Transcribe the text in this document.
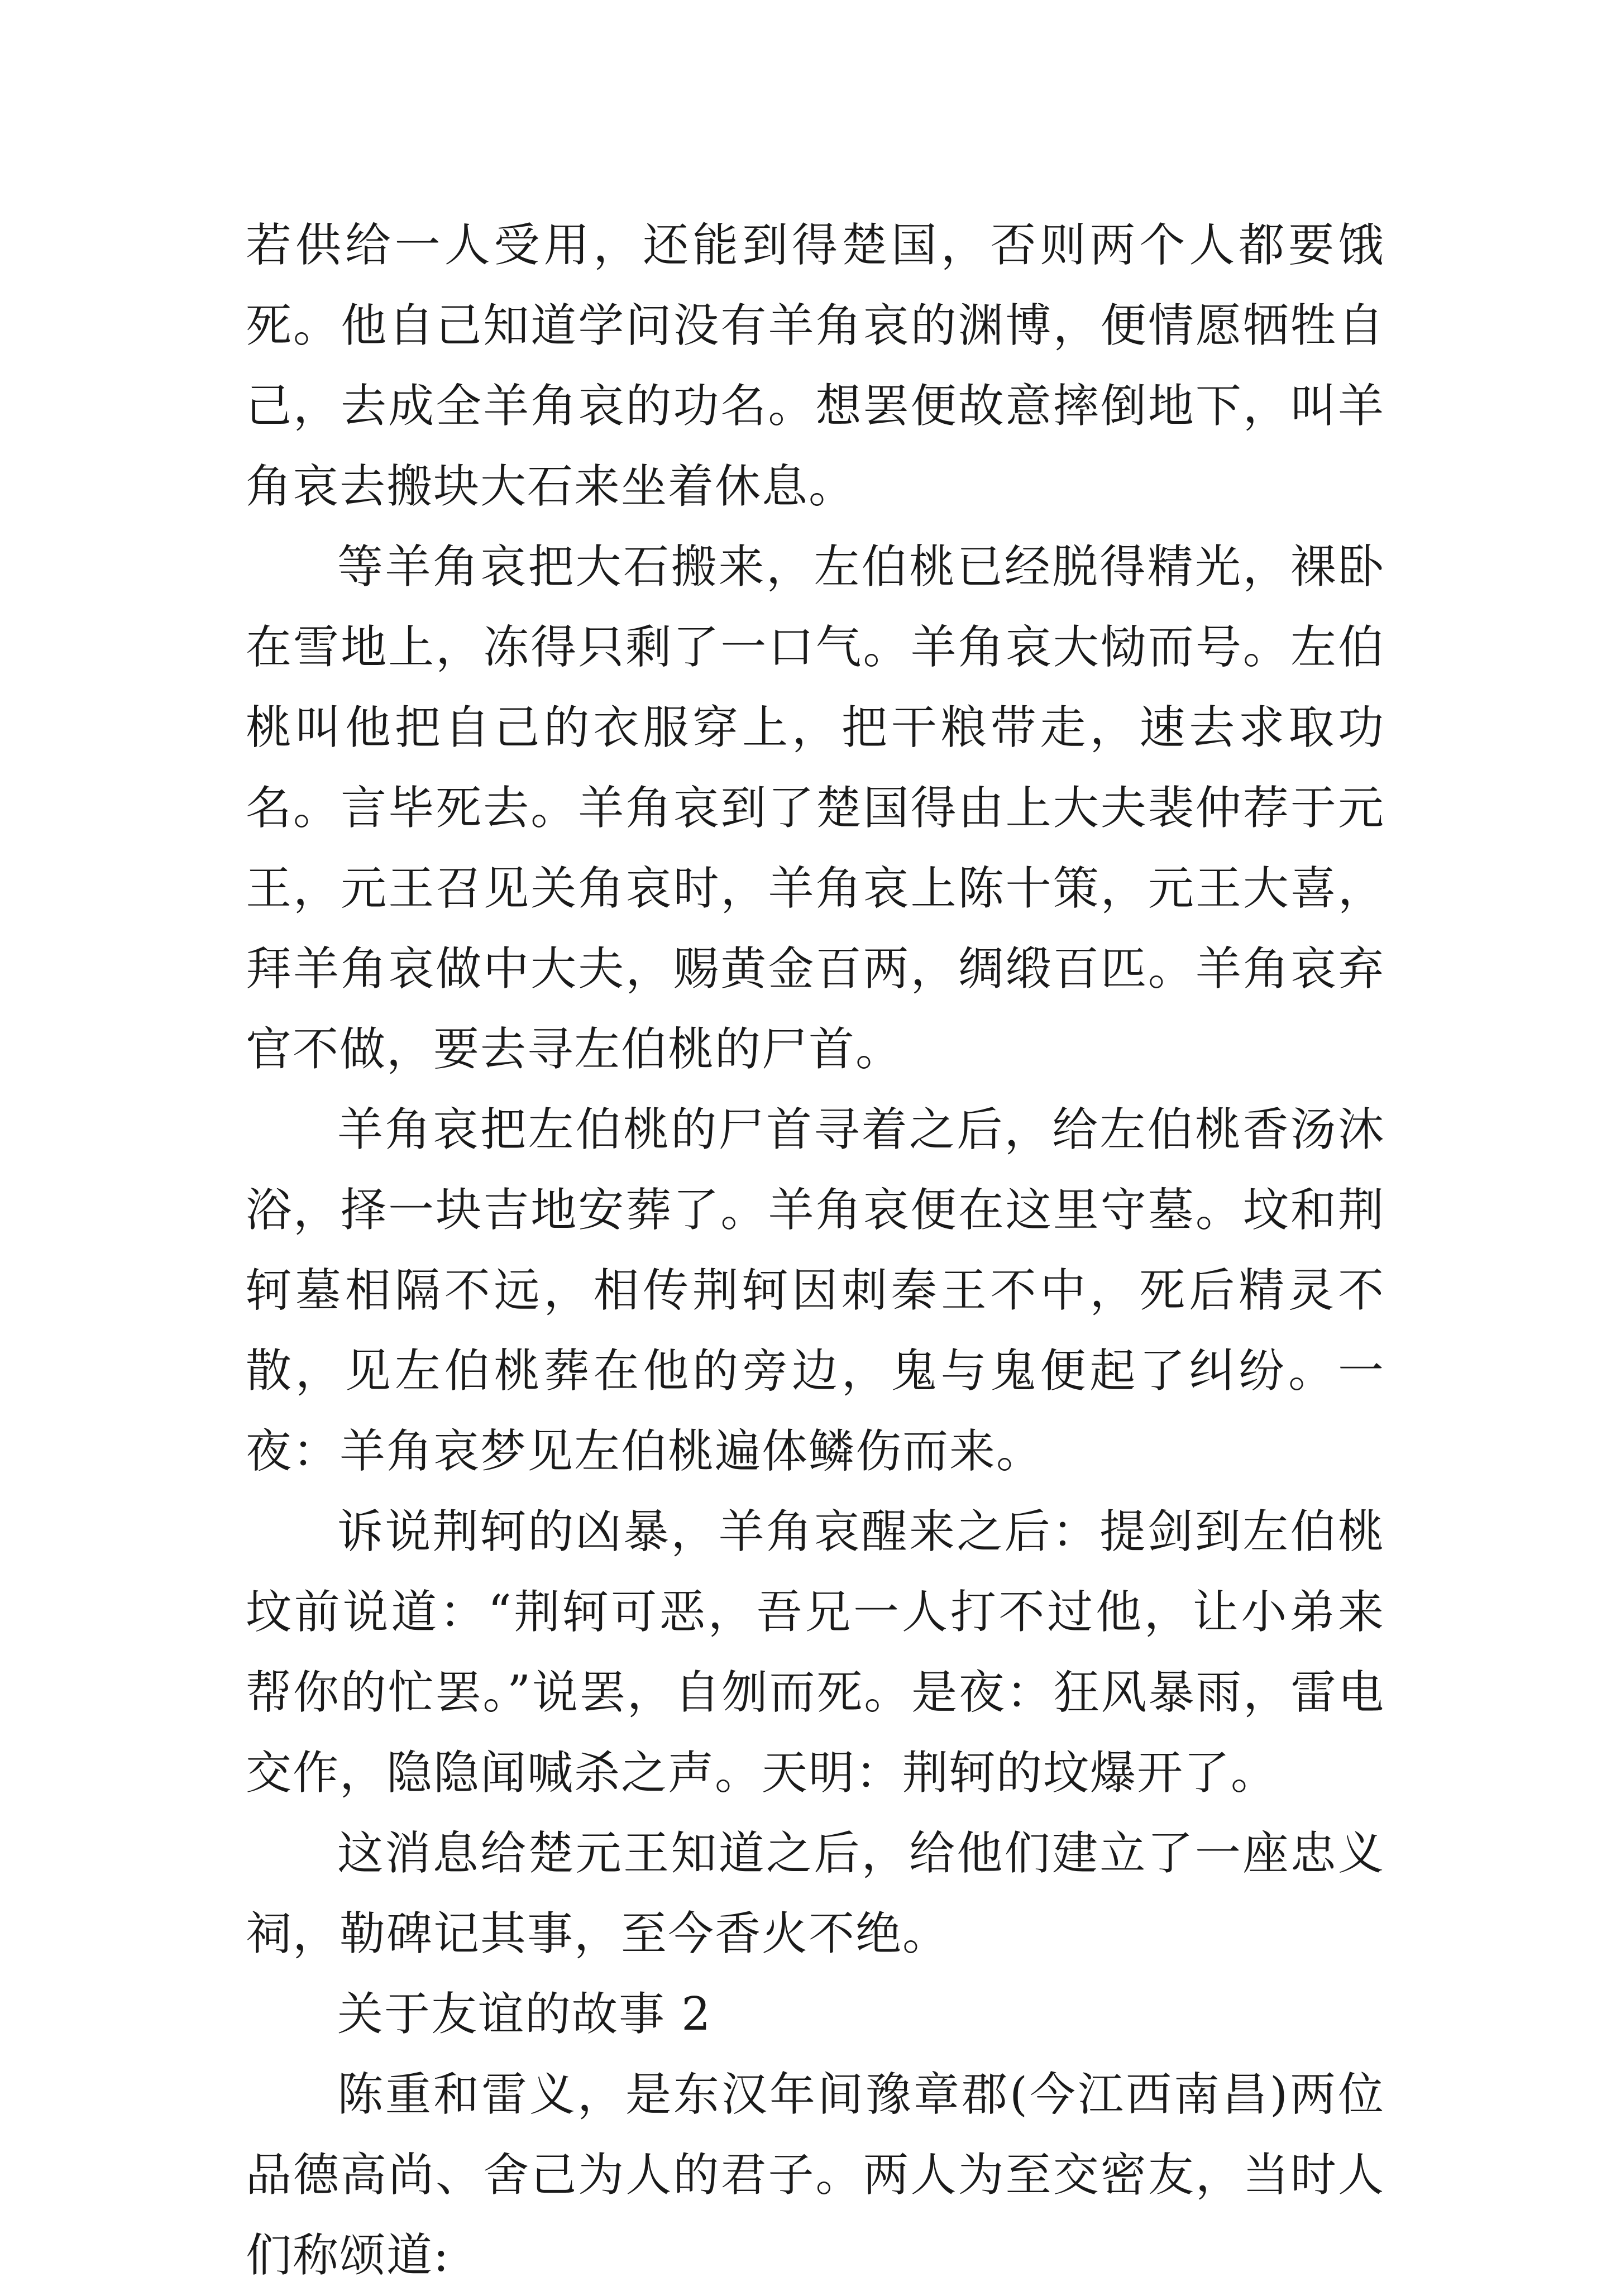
若供给一人受用，还能到得楚国，否则两个人都要饿死。他自己知道学问没有羊角哀的渊博，便情愿牺牲自己，去成全羊角哀的功名。想罢便故意摔倒地下，叫羊角哀去搬块大石来坐着休息。

等羊角哀把大石搬来，左伯桃已经脱得精光，裸卧在雪地上，冻得只剩了一口气。羊角哀大恸而号。左伯桃叫他把自己的衣服穿上，把干粮带走，速去求取功名。言毕死去。羊角哀到了楚国得由上大夫裴仲荐于元王，元王召见关角哀时，羊角哀上陈十策，元王大喜，拜羊角哀做中大夫，赐黄金百两，绸缎百匹。羊角哀弃官不做，要去寻左伯桃的尸首。

羊角哀把左伯桃的尸首寻着之后，给左伯桃香汤沐浴，择一块吉地安葬了。羊角哀便在这里守墓。坟和荆轲墓相隔不远，相传荆轲因刺秦王不中，死后精灵不散，见左伯桃葬在他的旁边，鬼与鬼便起了纠纷。一夜：羊角哀梦见左伯桃遍体鳞伤而来。

诉说荆轲的凶暴，羊角哀醒来之后：提剑到左伯桃坟前说道：“荆轲可恶，吾兄一人打不过他，让小弟来帮你的忙罢。”说罢，自刎而死。是夜：狂风暴雨，雷电交作，隐隐闻喊杀之声。天明：荆轲的坟爆开了。

这消息给楚元王知道之后，给他们建立了一座忠义祠，勒碑记其事，至今香火不绝。

关于友谊的故事 2

陈重和雷义，是东汉年间豫章郡(今江西南昌)两位品德高尚、舍己为人的君子。两人为至交密友，当时人们称颂道:
